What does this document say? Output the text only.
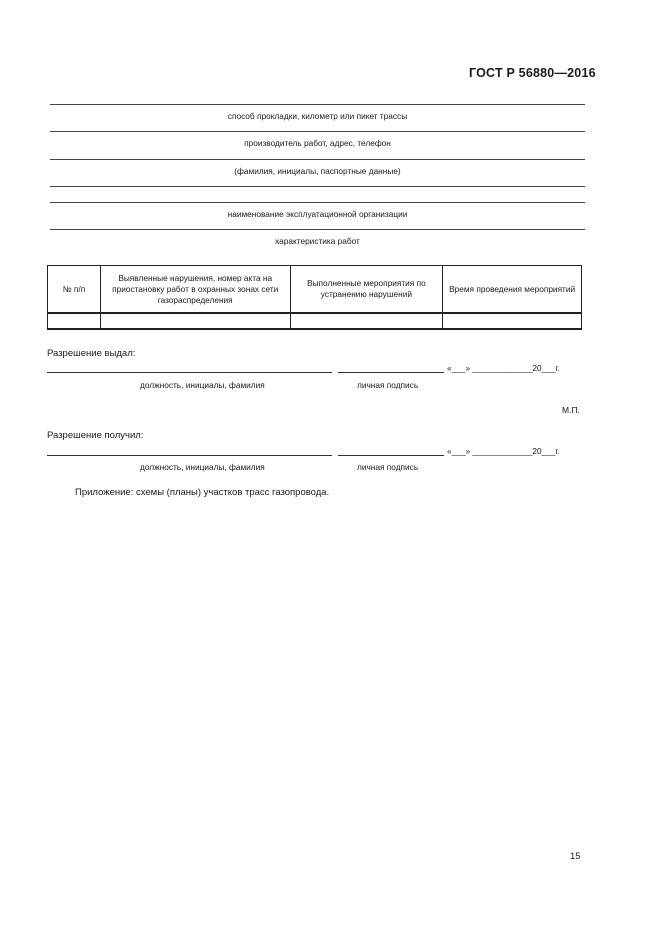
ГОСТ Р 56880—2016
способ прокладки, километр или пикет трассы
производитель работ, адрес, телефон
(фамилия, инициалы, паспортные данные)
наименование эксплуатационной организации
характеристика работ
№ п/п	Выявленные нарушения, номер акта на приостановку работ в охранных зонах сети газораспределения	Выполненные мероприятия по устранению нарушений	Время проведения мероприятий

Разрешение выдал:
«___» _____________20___г.
должность, инициалы, фамилия	личная подпись
М.П.
Разрешение получил:
«___» _____________20___г.
должность, инициалы, фамилия	личная подпись
Приложение: схемы (планы) участков трасс газопровода.
15
